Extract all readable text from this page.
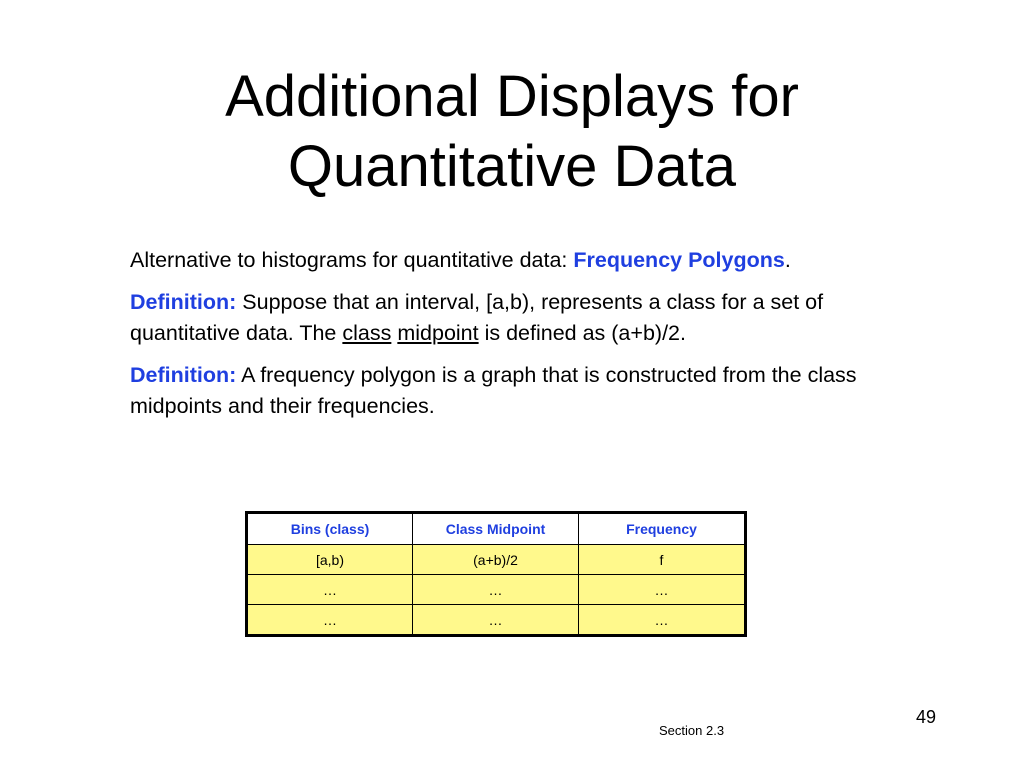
Additional Displays for
Quantitative Data

Alternative to histograms for quantitative data: Frequency Polygons.

Definition: Suppose that an interval, [a,b), represents a class for a set of quantitative data. The class midpoint is defined as (a+b)/2.

Definition: A frequency polygon is a graph that is constructed from the class midpoints and their frequencies.

Bins (class)	Class Midpoint	Frequency
[a,b)	(a+b)/2	f
…	…	…
…	…	…
49
Section 2.3
